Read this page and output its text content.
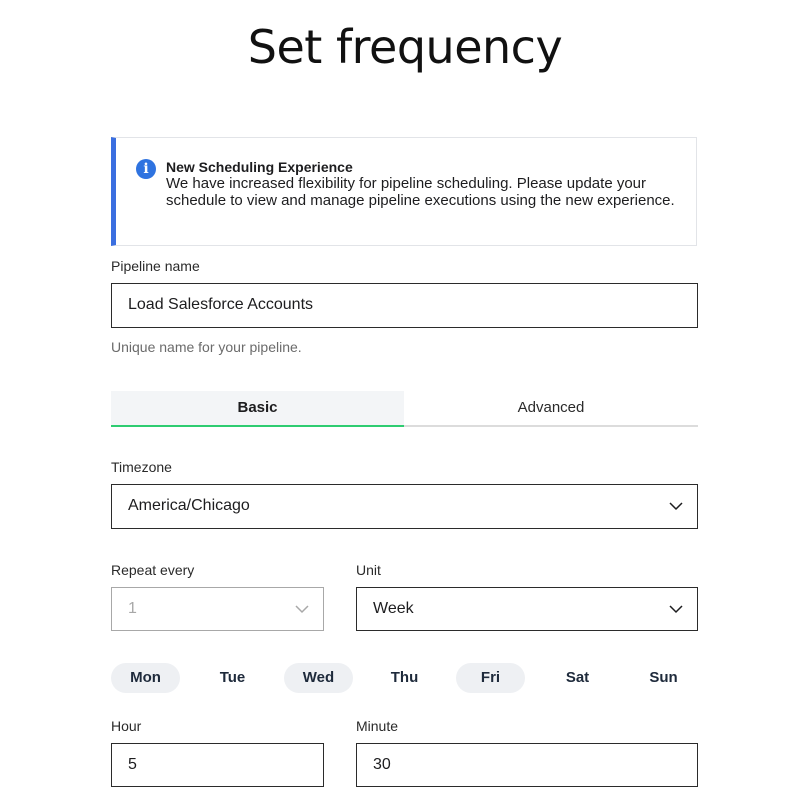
Set frequency
i	New Scheduling Experience
We have increased flexibility for pipeline scheduling. Please update your schedule to view and manage pipeline executions using the new experience.
Pipeline name
Load Salesforce Accounts
Unique name for your pipeline.
Basic	Advanced
Timezone
America/Chicago
Repeat every
1
Unit
Week
Mon	Tue	Wed	Thu	Fri	Sat	Sun
Hour
5
Minute
30
